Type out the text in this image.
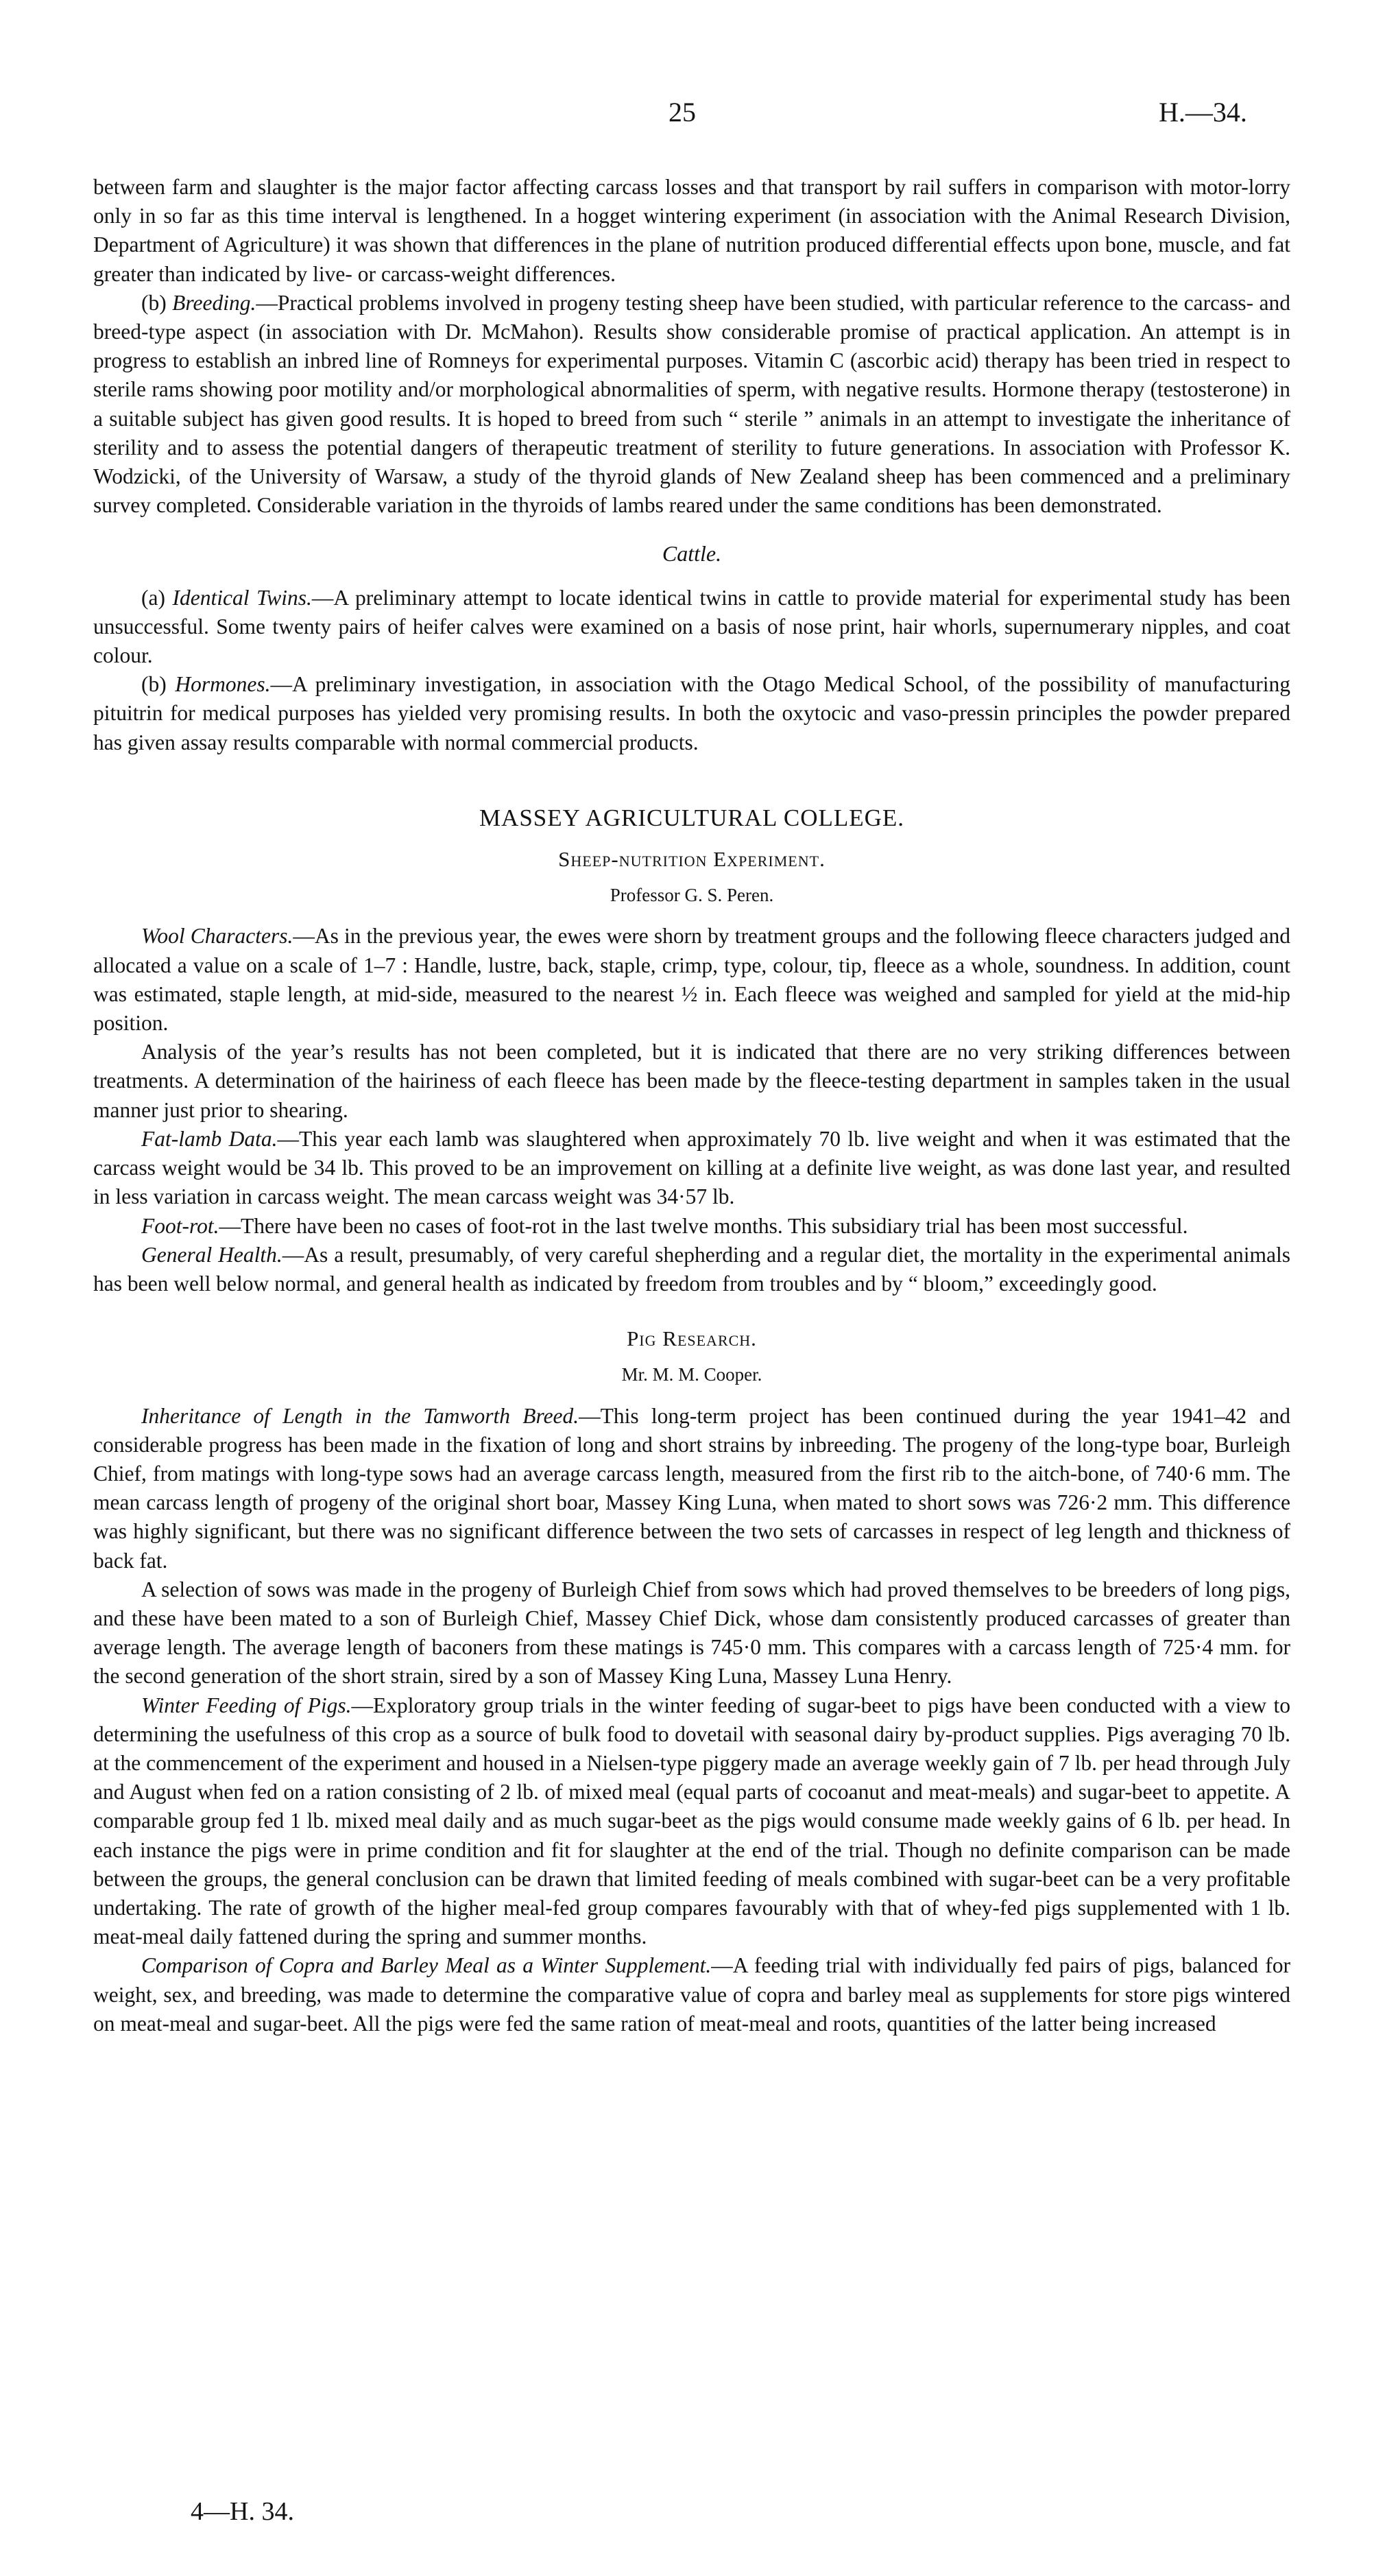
25	H.—34.

between farm and slaughter is the major factor affecting carcass losses and that transport by rail suffers in comparison with motor-lorry only in so far as this time interval is lengthened. In a hogget wintering experiment (in association with the Animal Research Division, Department of Agriculture) it was shown that differences in the plane of nutrition produced differential effects upon bone, muscle, and fat greater than indicated by live- or carcass-weight differences.

(b) Breeding.—Practical problems involved in progeny testing sheep have been studied, with particular reference to the carcass- and breed-type aspect (in association with Dr. McMahon). Results show considerable promise of practical application. An attempt is in progress to establish an inbred line of Romneys for experimental purposes. Vitamin C (ascorbic acid) therapy has been tried in respect to sterile rams showing poor motility and/or morphological abnormalities of sperm, with negative results. Hormone therapy (testosterone) in a suitable subject has given good results. It is hoped to breed from such “ sterile ” animals in an attempt to investigate the inheritance of sterility and to assess the potential dangers of therapeutic treatment of sterility to future generations. In association with Professor K. Wodzicki, of the University of Warsaw, a study of the thyroid glands of New Zealand sheep has been commenced and a preliminary survey completed. Considerable variation in the thyroids of lambs reared under the same conditions has been demonstrated.

Cattle.

(a) Identical Twins.—A preliminary attempt to locate identical twins in cattle to provide material for experimental study has been unsuccessful. Some twenty pairs of heifer calves were examined on a basis of nose print, hair whorls, supernumerary nipples, and coat colour.

(b) Hormones.—A preliminary investigation, in association with the Otago Medical School, of the possibility of manufacturing pituitrin for medical purposes has yielded very promising results. In both the oxytocic and vaso-pressin principles the powder prepared has given assay results comparable with normal commercial products.

MASSEY AGRICULTURAL COLLEGE.
Sheep-nutrition Experiment.
Professor G. S. Peren.

Wool Characters.—As in the previous year, the ewes were shorn by treatment groups and the following fleece characters judged and allocated a value on a scale of 1–7 : Handle, lustre, back, staple, crimp, type, colour, tip, fleece as a whole, soundness. In addition, count was estimated, staple length, at mid-side, measured to the nearest ½ in. Each fleece was weighed and sampled for yield at the mid-hip position.

Analysis of the year’s results has not been completed, but it is indicated that there are no very striking differences between treatments. A determination of the hairiness of each fleece has been made by the fleece-testing department in samples taken in the usual manner just prior to shearing.

Fat-lamb Data.—This year each lamb was slaughtered when approximately 70 lb. live weight and when it was estimated that the carcass weight would be 34 lb. This proved to be an improvement on killing at a definite live weight, as was done last year, and resulted in less variation in carcass weight. The mean carcass weight was 34·57 lb.

Foot-rot.—There have been no cases of foot-rot in the last twelve months. This subsidiary trial has been most successful.

General Health.—As a result, presumably, of very careful shepherding and a regular diet, the mortality in the experimental animals has been well below normal, and general health as indicated by freedom from troubles and by “ bloom,” exceedingly good.

Pig Research.
Mr. M. M. Cooper.

Inheritance of Length in the Tamworth Breed.—This long-term project has been continued during the year 1941–42 and considerable progress has been made in the fixation of long and short strains by inbreeding. The progeny of the long-type boar, Burleigh Chief, from matings with long-type sows had an average carcass length, measured from the first rib to the aitch-bone, of 740·6 mm. The mean carcass length of progeny of the original short boar, Massey King Luna, when mated to short sows was 726·2 mm. This difference was highly significant, but there was no significant difference between the two sets of carcasses in respect of leg length and thickness of back fat.

A selection of sows was made in the progeny of Burleigh Chief from sows which had proved themselves to be breeders of long pigs, and these have been mated to a son of Burleigh Chief, Massey Chief Dick, whose dam consistently produced carcasses of greater than average length. The average length of baconers from these matings is 745·0 mm. This compares with a carcass length of 725·4 mm. for the second generation of the short strain, sired by a son of Massey King Luna, Massey Luna Henry.

Winter Feeding of Pigs.—Exploratory group trials in the winter feeding of sugar-beet to pigs have been conducted with a view to determining the usefulness of this crop as a source of bulk food to dovetail with seasonal dairy by-product supplies. Pigs averaging 70 lb. at the commencement of the experiment and housed in a Nielsen-type piggery made an average weekly gain of 7 lb. per head through July and August when fed on a ration consisting of 2 lb. of mixed meal (equal parts of cocoanut and meat-meals) and sugar-beet to appetite. A comparable group fed 1 lb. mixed meal daily and as much sugar-beet as the pigs would consume made weekly gains of 6 lb. per head. In each instance the pigs were in prime condition and fit for slaughter at the end of the trial. Though no definite comparison can be made between the groups, the general conclusion can be drawn that limited feeding of meals combined with sugar-beet can be a very profitable undertaking. The rate of growth of the higher meal-fed group compares favourably with that of whey-fed pigs supplemented with 1 lb. meat-meal daily fattened during the spring and summer months.

Comparison of Copra and Barley Meal as a Winter Supplement.—A feeding trial with individually fed pairs of pigs, balanced for weight, sex, and breeding, was made to determine the comparative value of copra and barley meal as supplements for store pigs wintered on meat-meal and sugar-beet. All the pigs were fed the same ration of meat-meal and roots, quantities of the latter being increased

4—H. 34.
